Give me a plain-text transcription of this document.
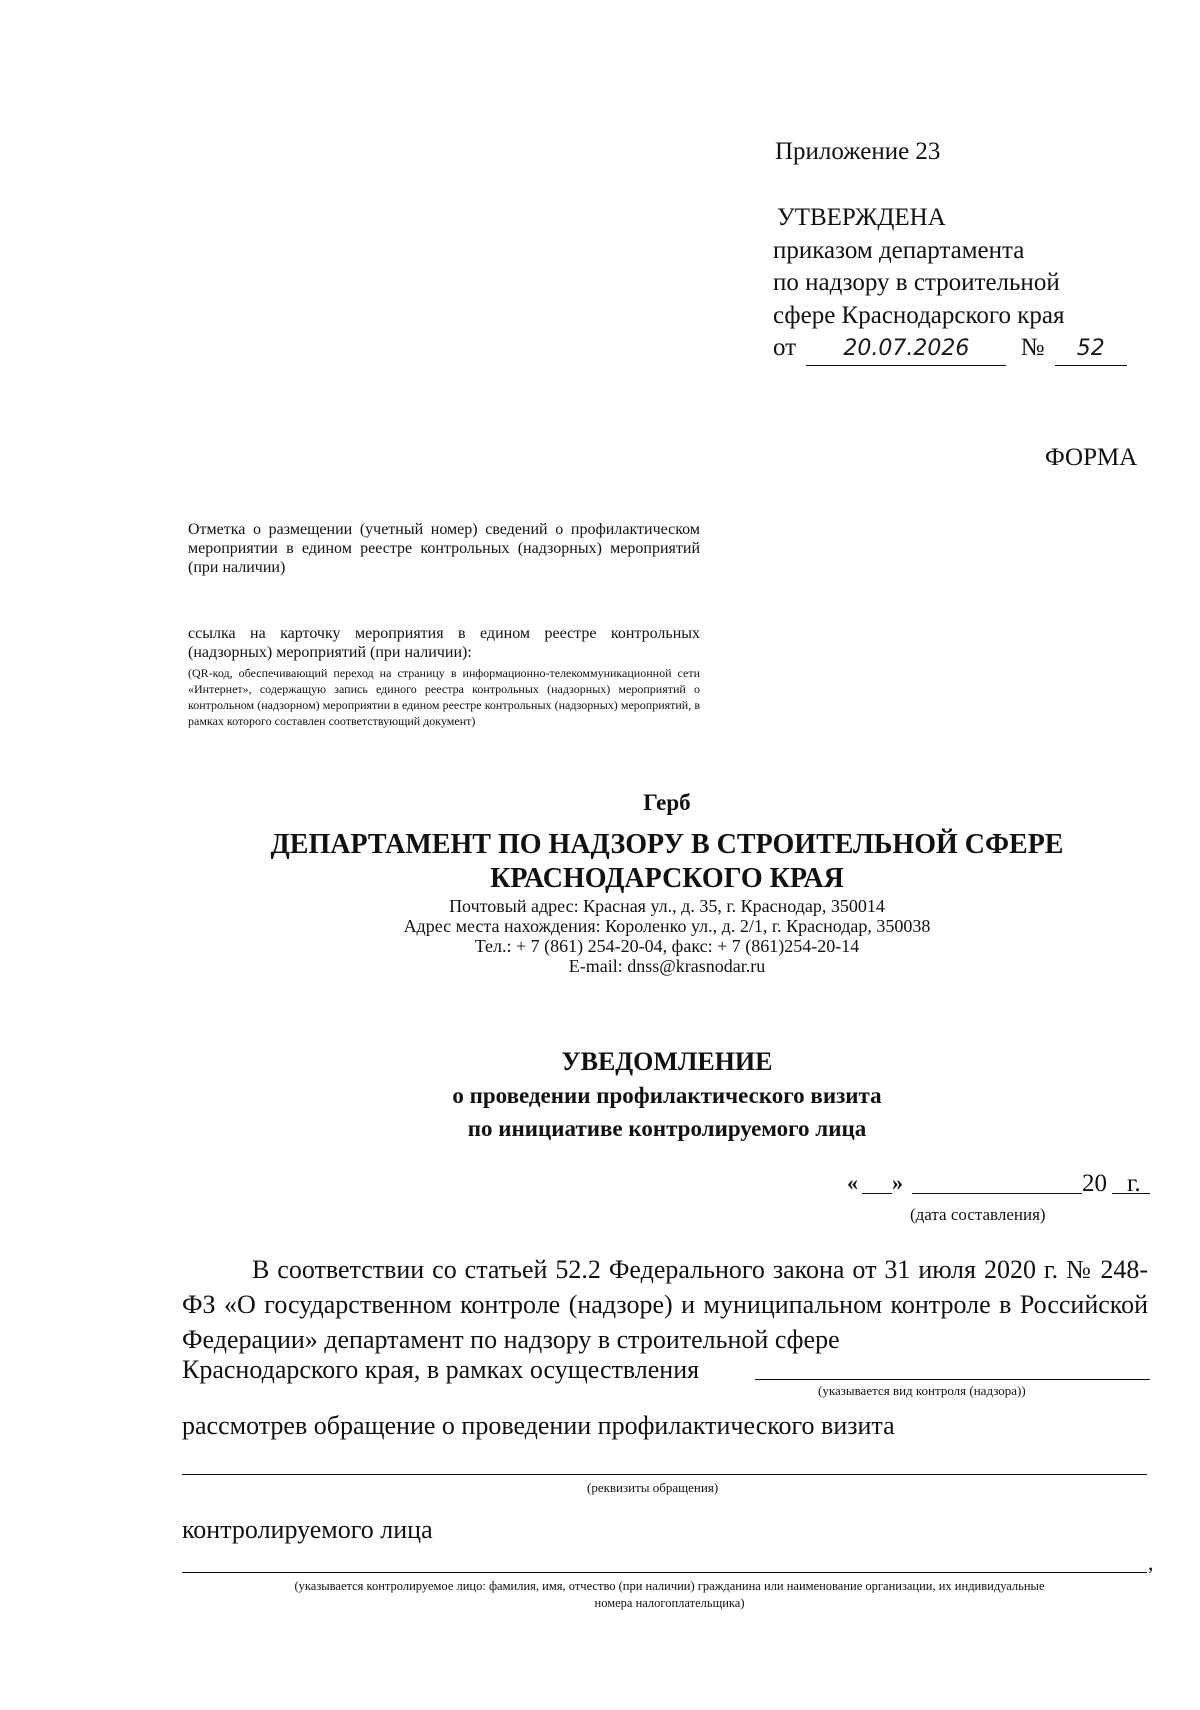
Приложение 23
УТВЕРЖДЕНА
приказом департамента
по надзору в строительной
сфере Краснодарского края
от 20.07.2026 № 52
ФОРМА
Отметка о размещении (учетный номер) сведений о профилактическом мероприятии в едином реестре контрольных (надзорных) мероприятий (при наличии)
ссылка на карточку мероприятия в едином реестре контрольных (надзорных) мероприятий (при наличии):
(QR-код, обеспечивающий переход на страницу в информационно-телекоммуникационной сети «Интернет», содержащую запись единого реестра контрольных (надзорных) мероприятий о контрольном (надзорном) мероприятии в едином реестре контрольных (надзорных) мероприятий, в рамках которого составлен соответствующий документ)
Герб
ДЕПАРТАМЕНТ ПО НАДЗОРУ В СТРОИТЕЛЬНОЙ СФЕРЕ
КРАСНОДАРСКОГО КРАЯ
Почтовый адрес: Красная ул., д. 35, г. Краснодар, 350014
Адрес места нахождения: Короленко ул., д. 2/1, г. Краснодар, 350038
Тел.: + 7 (861) 254-20-04, факс: + 7 (861)254-20-14
E-mail: dnss@krasnodar.ru
УВЕДОМЛЕНИЕ
о проведении профилактического визита
по инициативе контролируемого лица
« »	20 г.
(дата составления)
В соответствии со статьей 52.2 Федерального закона от 31 июля 2020 г. № 248-ФЗ «О государственном контроле (надзоре) и муниципальном контроле в Российской Федерации» департамент по надзору в строительной сфере
Краснодарского края, в рамках осуществления
(указывается вид контроля (надзора))
рассмотрев обращение о проведении профилактического визита
(реквизиты обращения)
контролируемого лица
,
(указывается контролируемое лицо: фамилия, имя, отчество (при наличии) гражданина или наименование организации, их индивидуальные
номера налогоплательщика)
